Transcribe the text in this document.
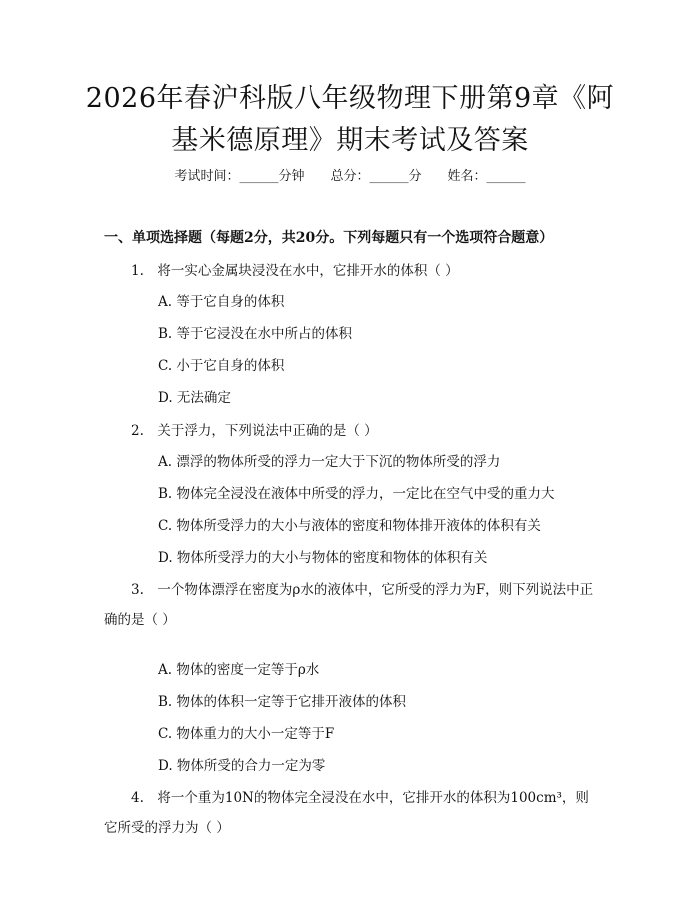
2026年春沪科版八年级物理下册第9章《阿
基米德原理》期末考试及答案
考试时间：______分钟 总分：______分 姓名：______
一、单项选择题（每题2分，共20分。下列每题只有一个选项符合题意）
1.　将一实心金属块浸没在水中，它排开水的体积（ ）
A. 等于它自身的体积
B. 等于它浸没在水中所占的体积
C. 小于它自身的体积
D. 无法确定
2.　关于浮力，下列说法中正确的是（ ）
A. 漂浮的物体所受的浮力一定大于下沉的物体所受的浮力
B. 物体完全浸没在液体中所受的浮力，一定比在空气中受的重力大
C. 物体所受浮力的大小与液体的密度和物体排开液体的体积有关
D. 物体所受浮力的大小与物体的密度和物体的体积有关
3.　一个物体漂浮在密度为ρ水的液体中，它所受的浮力为F，则下列说法中正确的是（ ）
A. 物体的密度一定等于ρ水
B. 物体的体积一定等于它排开液体的体积
C. 物体重力的大小一定等于F
D. 物体所受的合力一定为零
4.　将一个重为10N的物体完全浸没在水中，它排开水的体积为100cm³，则它所受的浮力为（ ）
